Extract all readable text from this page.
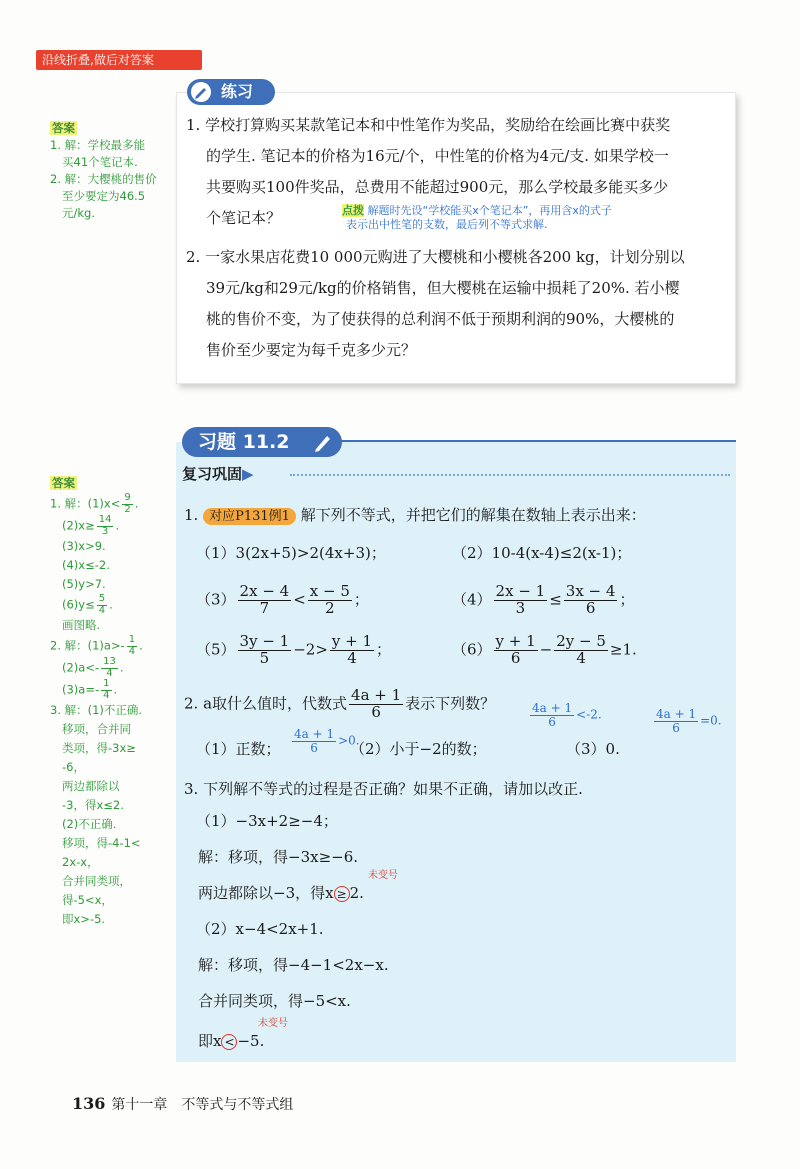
沿线折叠,做后对答案
答案
1. 解：学校最多能
买41个笔记本.
2. 解：大樱桃的售价
至少要定为46.5
元/kg.
练习
1. 学校打算购买某款笔记本和中性笔作为奖品，奖励给在绘画比赛中获奖
的学生. 笔记本的价格为16元/个，中性笔的价格为4元/支. 如果学校一
共要购买100件奖品，总费用不能超过900元，那么学校最多能买多少
个笔记本？	点拨 解题时先设“学校能买x个笔记本”，再用含x的式子
表示出中性笔的支数，最后列不等式求解.
2. 一家水果店花费10 000元购进了大樱桃和小樱桃各200 kg，计划分别以
39元/kg和29元/kg的价格销售，但大樱桃在运输中损耗了20%. 若小樱
桃的售价不变，为了使获得的总利润不低于预期利润的90%，大樱桃的
售价至少要定为每千克多少元？
答案
1. 解：$(1)x< \frac{9}{2}$ .
$(2)x\ge \frac{14}{3}$ .
(3)x>9.
(4)x≤-2.
(5)y>7.
$(6)y\le \frac{5}{4}$ .
画图略.
2. 解：$(1)a>- \frac{1}{4}$ .
$(2)a<- \frac{13}{4}$ .
$(3)a=- \frac{1}{4}$ .
3. 解：(1)不正确.
移项，合并同
类项，得-3x≥
-6，
两边都除以
-3，得x≤2.
(2)不正确.
移项，得-4-1<
2x-x，
合并同类项，
得-5<x，
即x>-5.
习题 11.2
复习巩固▶
1. 对应P131例1 解下列不等式，并把它们的解集在数轴上表示出来：
（1）3(2x+5)>2(4x+3)；	（2）10-4(x-4)≤2(x-1)；
$(3) \frac{2x - 4}{7} < \frac{x - 5}{2}$ ；	$(4) \frac{2x - 1}{3} \le \frac{3x - 4}{6}$ ；
$(5) \frac{3y - 1}{5} -2> \frac{y + 1}{4}$ ；	$(6) \frac{y + 1}{6} - \frac{2y - 5}{4} \ge 1$.
2. a取什么值时，代数式 $\frac{4a + 1}{6}$ 表示下列数？	$\frac{4a + 1}{6} <-2$.	$\frac{4a + 1}{6} =0$.
（1）正数； $\frac{4a + 1}{6} >0$.
（2）小于−2的数；	（3）0.
3. 下列解不等式的过程是否正确？如果不正确，请加以改正.
（1）−3x+2≥−4；
解：移项，得−3x≥−6.
两边都除以−3，得x ≥ 2.
未变号
（2）x−4<2x+1.
解：移项，得−4−1<2x−x.
合并同类项，得−5<x.
即x < −5.
未变号
136 第十一章　不等式与不等式组
